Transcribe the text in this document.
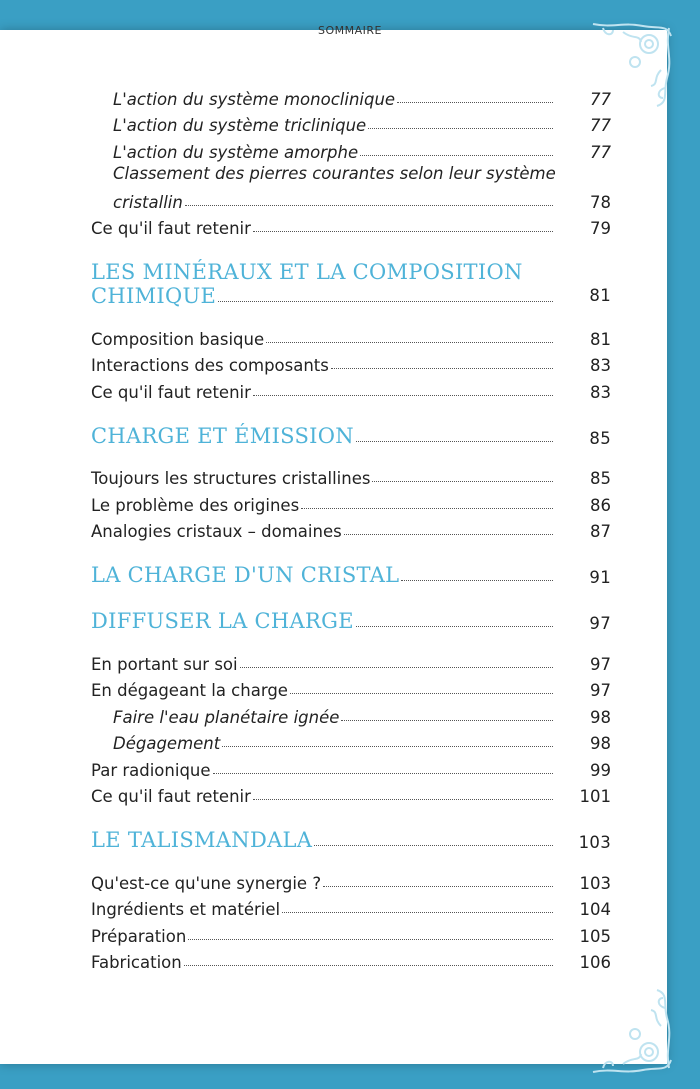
SOMMAIRE
L'action du système monoclinique	77
L'action du système triclinique	77
L'action du système amorphe	77
Classement des pierres courantes selon leur système
cristallin	78
Ce qu'il faut retenir	79
LES MINÉRAUX ET LA COMPOSITION
CHIMIQUE	81
Composition basique	81
Interactions des composants	83
Ce qu'il faut retenir	83
CHARGE ET ÉMISSION	85
Toujours les structures cristallines	85
Le problème des origines	86
Analogies cristaux – domaines	87
LA CHARGE D'UN CRISTAL	91
DIFFUSER LA CHARGE	97
En portant sur soi	97
En dégageant la charge	97
Faire l'eau planétaire ignée	98
Dégagement	98
Par radionique	99
Ce qu'il faut retenir	101
LE TALISMANDALA	103
Qu'est-ce qu'une synergie ?	103
Ingrédients et matériel	104
Préparation	105
Fabrication	106
